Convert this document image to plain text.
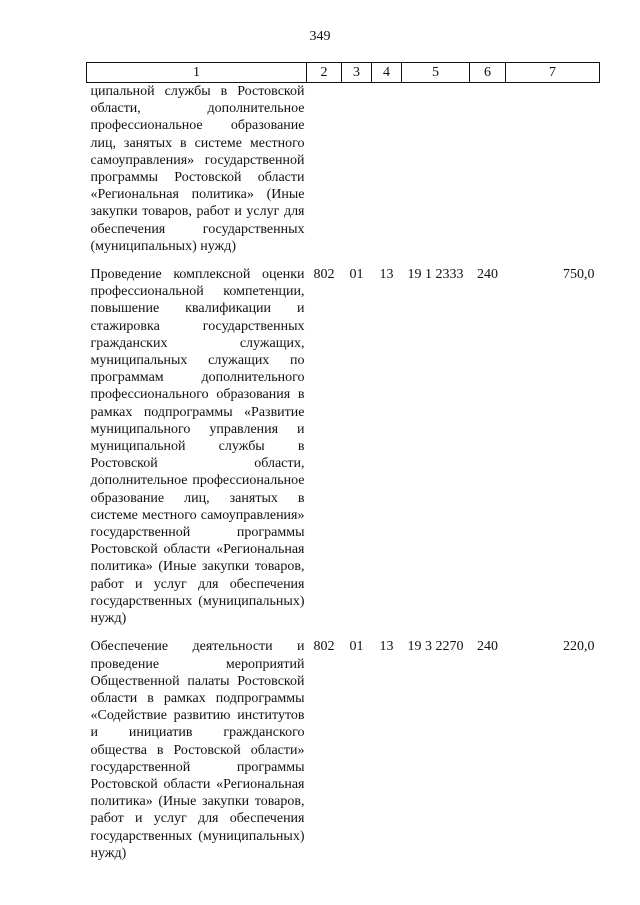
349
1	2	3	4	5	6	7
ципальной службы в Ростовской области, дополнительное профессиональное образование лиц, занятых в системе местного самоуправления» государственной программы Ростовской области «Региональная политика» (Иные закупки товаров, работ и услуг для обеспечения государственных (муниципальных) нужд)						
Проведение комплексной оценки профессиональной компетенции, повышение квалификации и стажировка государственных гражданских служащих, муниципальных служащих по программам дополнительного профессионального образования в рамках подпрограммы «Развитие муниципального управления и муниципальной службы в Ростовской области, дополнительное профессиональное образование лиц, занятых в системе местного самоуправления» государственной программы Ростовской области «Региональная политика» (Иные закупки товаров, работ и услуг для обеспечения государственных (муниципальных) нужд)	802	01	13	19 1 2333	240	750,0
Обеспечение деятельности и проведение мероприятий Общественной палаты Ростовской области в рамках подпрограммы «Содействие развитию институтов и инициатив гражданского общества в Ростовской области» государственной программы Ростовской области «Региональная политика» (Иные закупки товаров, работ и услуг для обеспечения государственных (муниципальных) нужд)	802	01	13	19 3 2270	240	220,0
